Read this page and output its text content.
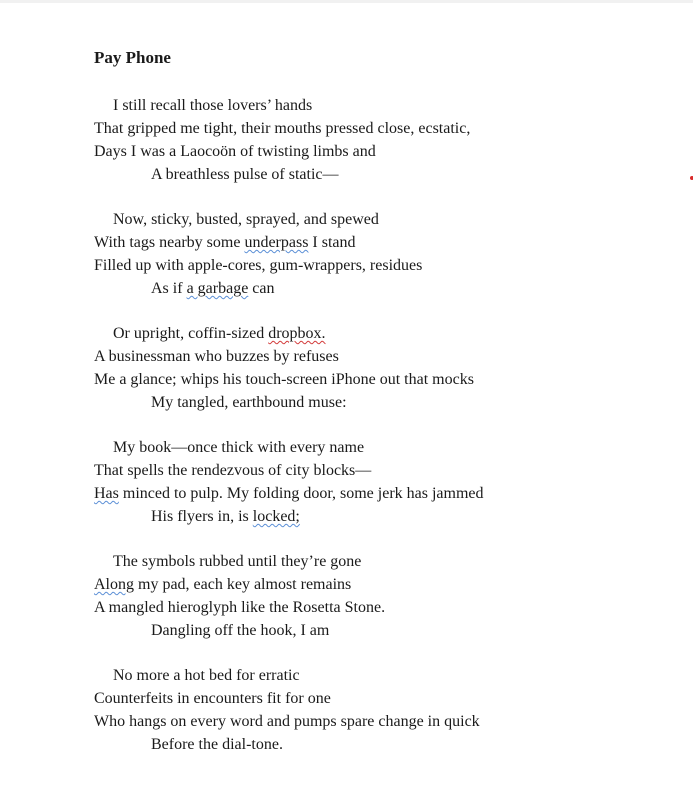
Pay Phone
I still recall those lovers’ hands
That gripped me tight, their mouths pressed close, ecstatic,
Days I was a Laocoön of twisting limbs and
A breathless pulse of static—
Now, sticky, busted, sprayed, and spewed
With tags nearby some underpass I stand
Filled up with apple-cores, gum-wrappers, residues
As if a garbage can
Or upright, coffin-sized dropbox.
A businessman who buzzes by refuses
Me a glance; whips his touch-screen iPhone out that mocks
My tangled, earthbound muse:
My book—once thick with every name
That spells the rendezvous of city blocks—
Has minced to pulp. My folding door, some jerk has jammed
His flyers in, is locked;
The symbols rubbed until they’re gone
Along my pad, each key almost remains
A mangled hieroglyph like the Rosetta Stone.
Dangling off the hook, I am
No more a hot bed for erratic
Counterfeits in encounters fit for one
Who hangs on every word and pumps spare change in quick
Before the dial-tone.
